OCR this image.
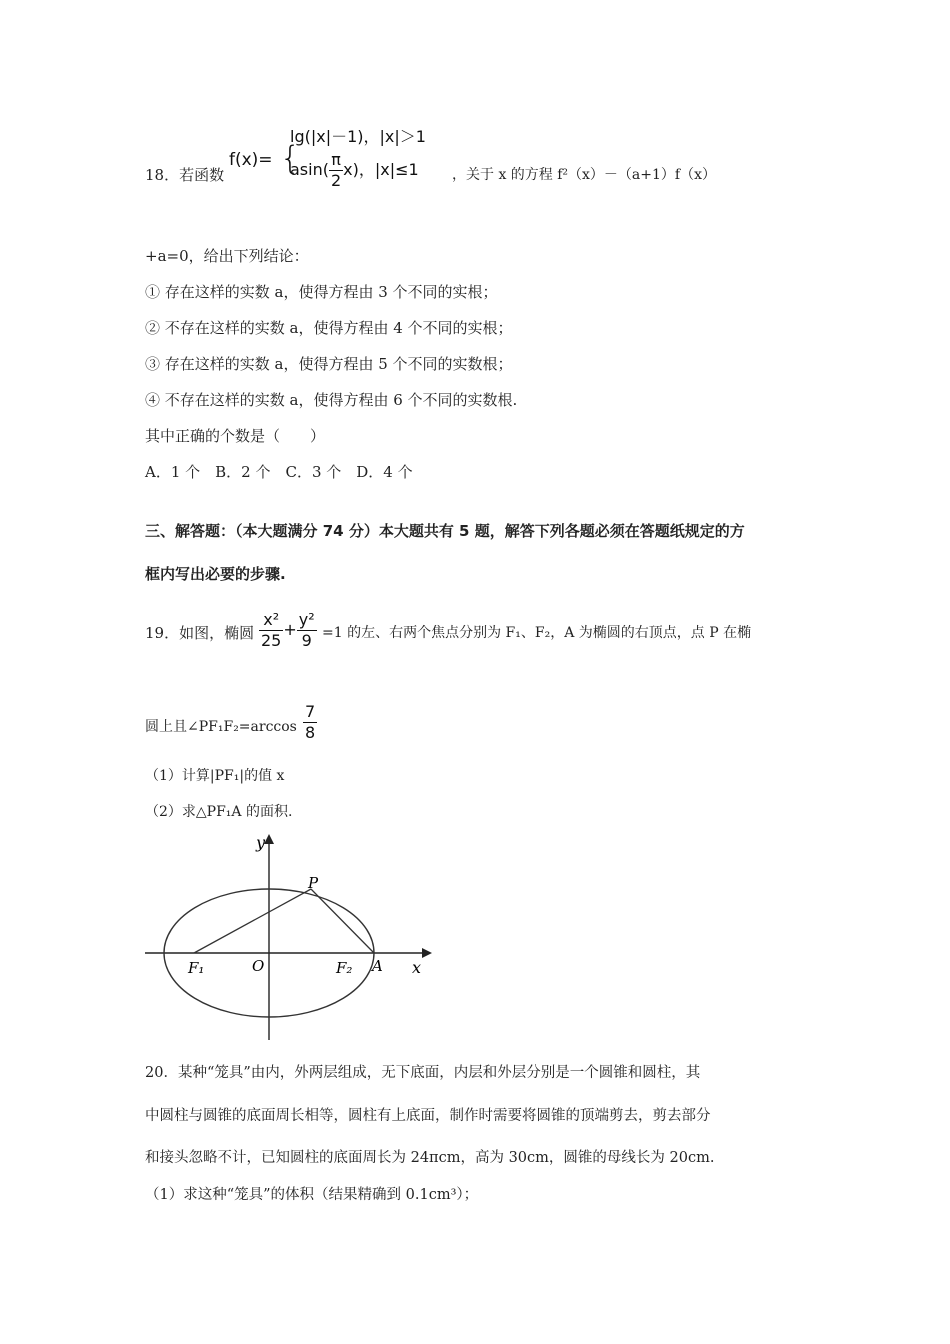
18．若函数
f(x)= {
lg(|x|－1)，|x|＞1
$asin( \frac{\pi}{2} x)$，|x|≤1 ，关于 x 的方程 f²（x）－（a+1）f（x）
+a=0，给出下列结论：
① 存在这样的实数 a，使得方程由 3 个不同的实根；
② 不存在这样的实数 a，使得方程由 4 个不同的实根；
③ 存在这样的实数 a，使得方程由 5 个不同的实数根；
④ 不存在这样的实数 a，使得方程由 6 个不同的实数根.
其中正确的个数是（　　）
A．1 个　B．2 个　C．3 个　D．4 个
三、解答题：（本大题满分 74 分）本大题共有 5 题，解答下列各题必须在答题纸规定的方
框内写出必要的步骤.
19．如图，椭圆 $\frac{\text{x²}}{25} + \frac{\text{y²}}{9} =1$ 的左、右两个焦点分别为 F₁、F₂，A 为椭圆的右顶点，点 P 在椭
圆上且∠PF₁F₂=arccos $\frac{7}{8}$
（1）计算|PF₁|的值 x
（2）求△PF₁A 的面积.
y
x
P
O
F₁	F₂ A
20．某种“笼具”由内，外两层组成，无下底面，内层和外层分别是一个圆锥和圆柱，其
中圆柱与圆锥的底面周长相等，圆柱有上底面，制作时需要将圆锥的顶端剪去，剪去部分
和接头忽略不计，已知圆柱的底面周长为 24πcm，高为 30cm，圆锥的母线长为 20cm.
（1）求这种“笼具”的体积（结果精确到 0.1cm³）；
